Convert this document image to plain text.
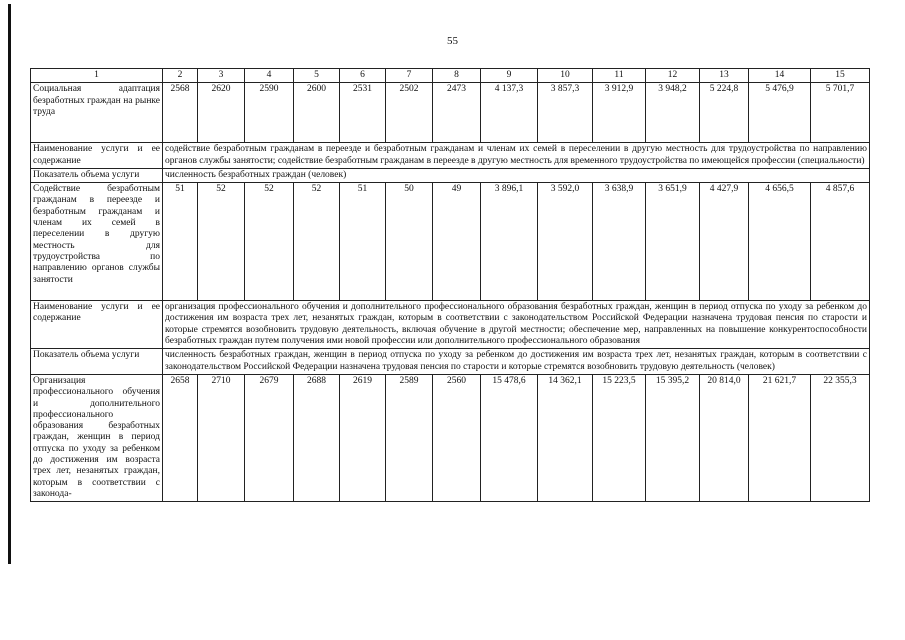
55
1	2	3	4	5	6	7	8	9	10	11	12	13	14	15
Социальная адаптация безработных граждан на рынке труда	2568	2620	2590	2600	2531	2502	2473	4 137,3	3 857,3	3 912,9	3 948,2	5 224,8	5 476,9	5 701,7
Наименование услуги и ее содержание	содействие безработным гражданам в переезде и безработным гражданам и членам их семей в переселении в другую местность для трудоустройства по направлению органов службы занятости; содействие безработным гражданам в переезде в другую местность для временного трудоустройства по имеющейся профессии (специальности)													
Показатель объема услуги	численность безработных граждан (человек)													
Содействие безработным гражданам в переезде и безработным гражданам и членам их семей в переселении в другую местность для трудоустройства по направлению органов службы занятости	51	52	52	52	51	50	49	3 896,1	3 592,0	3 638,9	3 651,9	4 427,9	4 656,5	4 857,6
Наименование услуги и ее содержание	организация профессионального обучения и дополнительного профессионального образования безработных граждан, женщин в период отпуска по уходу за ребенком до достижения им возраста трех лет, незанятых граждан, которым в соответствии с законодательством Российской Федерации назначена трудовая пенсия по старости и которые стремятся возобновить трудовую деятельность, включая обучение в другой местности; обеспечение мер, направленных на повышение конкурентоспособности безработных граждан путем получения ими новой профессии или дополнительного профессионального образования													
Показатель объема услуги	численность безработных граждан, женщин в период отпуска по уходу за ребенком до достижения им возраста трех лет, незанятых граждан, которым в соответствии с законодательством Российской Федерации назначена трудовая пенсия по старости и которые стремятся возобновить трудовую деятельность (человек)													
Организация профессионального обучения и дополнительного профессионального образования безработных граждан, женщин в период отпуска по уходу за ребенком до достижения им возраста трех лет, незанятых граждан, которым в соответствии с законода-	2658	2710	2679	2688	2619	2589	2560	15 478,6	14 362,1	15 223,5	15 395,2	20 814,0	21 621,7	22 355,3
